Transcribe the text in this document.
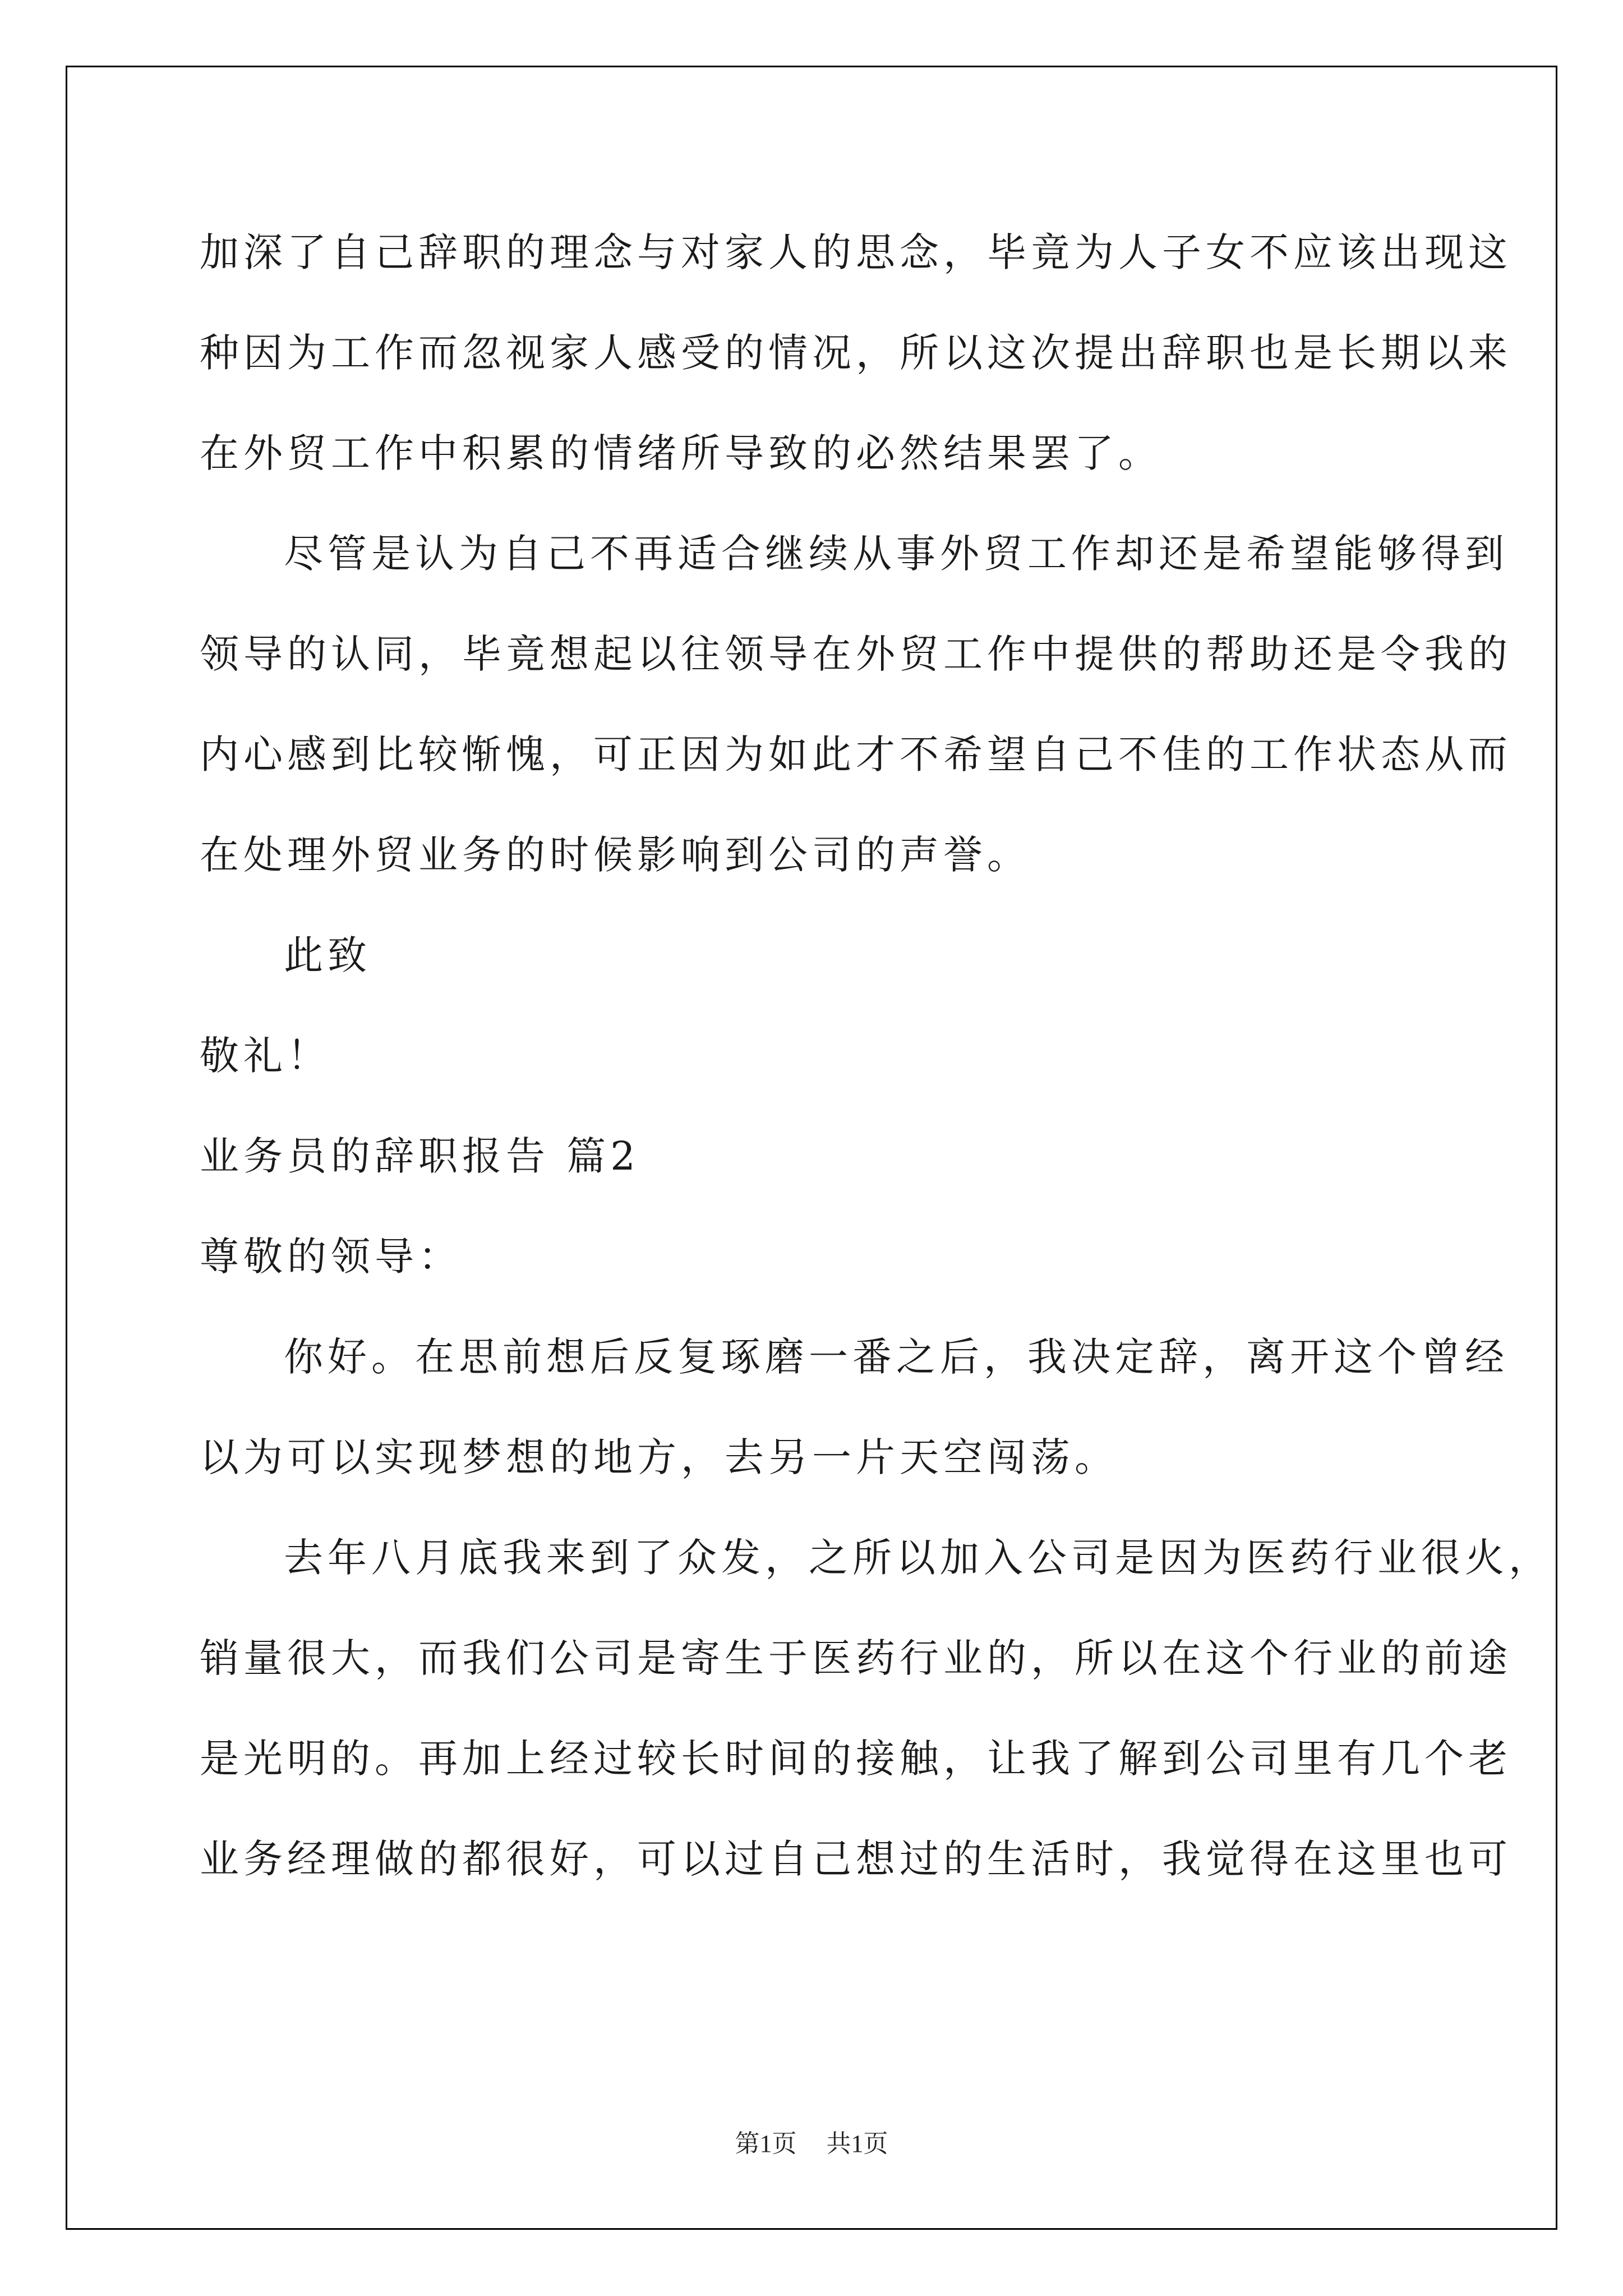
加深了自己辞职的理念与对家人的思念，毕竟为人子女不应该出现这
种因为工作而忽视家人感受的情况，所以这次提出辞职也是长期以来
在外贸工作中积累的情绪所导致的必然结果罢了。
尽管是认为自己不再适合继续从事外贸工作却还是希望能够得到
领导的认同，毕竟想起以往领导在外贸工作中提供的帮助还是令我的
内心感到比较惭愧，可正因为如此才不希望自己不佳的工作状态从而
在处理外贸业务的时候影响到公司的声誉。
此致
敬礼！
业务员的辞职报告 篇2
尊敬的领导：
你好。在思前想后反复琢磨一番之后，我决定辞，离开这个曾经
以为可以实现梦想的地方，去另一片天空闯荡。
去年八月底我来到了众发，之所以加入公司是因为医药行业很火，
销量很大，而我们公司是寄生于医药行业的，所以在这个行业的前途
是光明的。再加上经过较长时间的接触，让我了解到公司里有几个老
业务经理做的都很好，可以过自己想过的生活时，我觉得在这里也可
第1页 共1页
